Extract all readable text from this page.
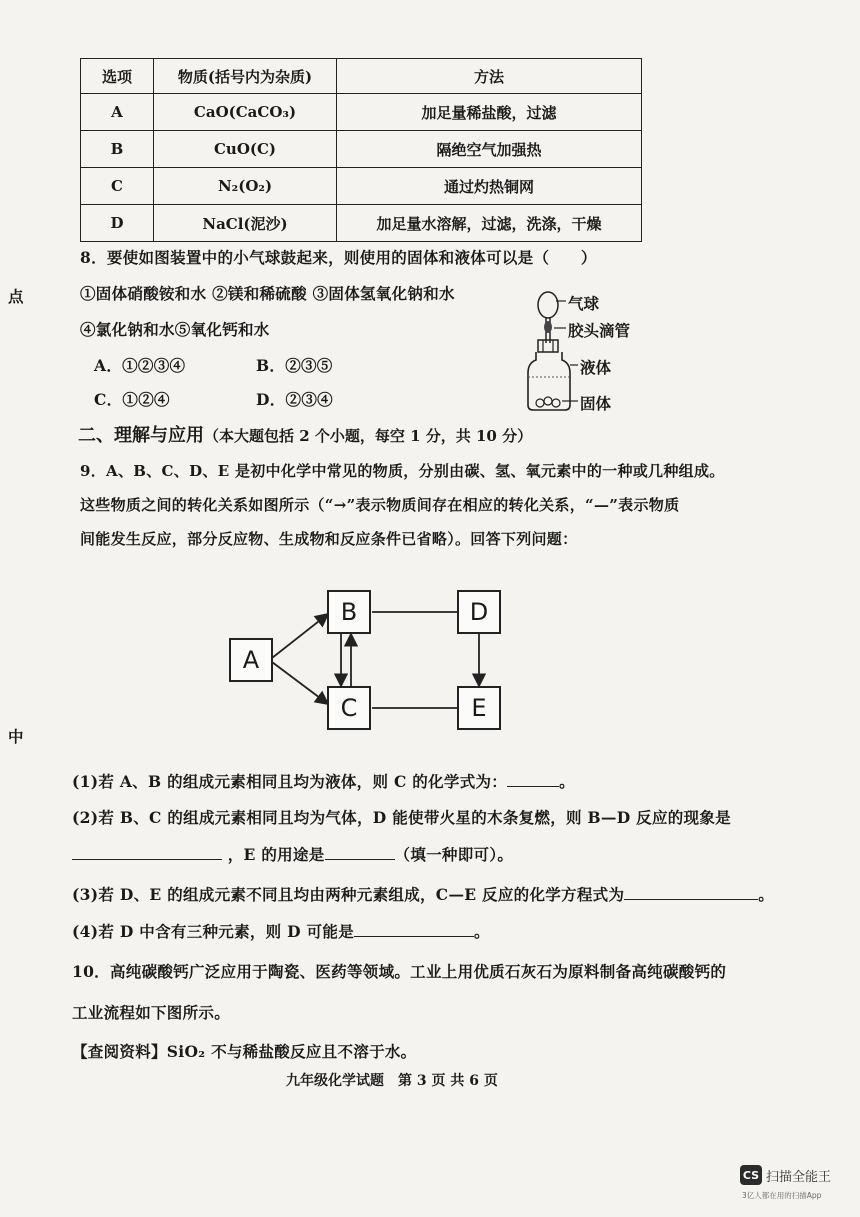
选项	物质(括号内为杂质)	方法
A	CaO(CaCO₃)	加足量稀盐酸，过滤
B	CuO(C)	隔绝空气加强热
C	N₂(O₂)	通过灼热铜网
D	NaCl(泥沙)	加足量水溶解，过滤，洗涤，干燥
点
中
8．要使如图装置中的小气球鼓起来，则使用的固体和液体可以是（　　）
①固体硝酸铵和水 ②镁和稀硫酸 ③固体氢氧化钠和水
④氯化钠和水⑤氧化钙和水
A．①②③④	B．②③⑤
C．①②④	D．②③④
气球
胶头滴管
液体
固体
二、理解与应用（本大题包括 2 个小题，每空 1 分，共 10 分）
9．A、B、C、D、E 是初中化学中常见的物质，分别由碳、氢、氧元素中的一种或几种组成。
这些物质之间的转化关系如图所示（“→”表示物质间存在相应的转化关系，“—”表示物质
间能发生反应，部分反应物、生成物和反应条件已省略）。回答下列问题：
A
B
C
D
E
(1)若 A、B 的组成元素相同且均为液体，则 C 的化学式为：	。
(2)若 B、C 的组成元素相同且均为气体，D 能使带火星的木条复燃，则 B—D 反应的现象是
，E 的用途是	（填一种即可）。
(3)若 D、E 的组成元素不同且均由两种元素组成，C—E 反应的化学方程式为	。
(4)若 D 中含有三种元素，则 D 可能是	。
10．高纯碳酸钙广泛应用于陶瓷、医药等领域。工业上用优质石灰石为原料制备高纯碳酸钙的
工业流程如下图所示。
【查阅资料】SiO₂ 不与稀盐酸反应且不溶于水。
九年级化学试题　第 3 页 共 6 页
CS 扫描全能王
3亿人都在用的扫描App
